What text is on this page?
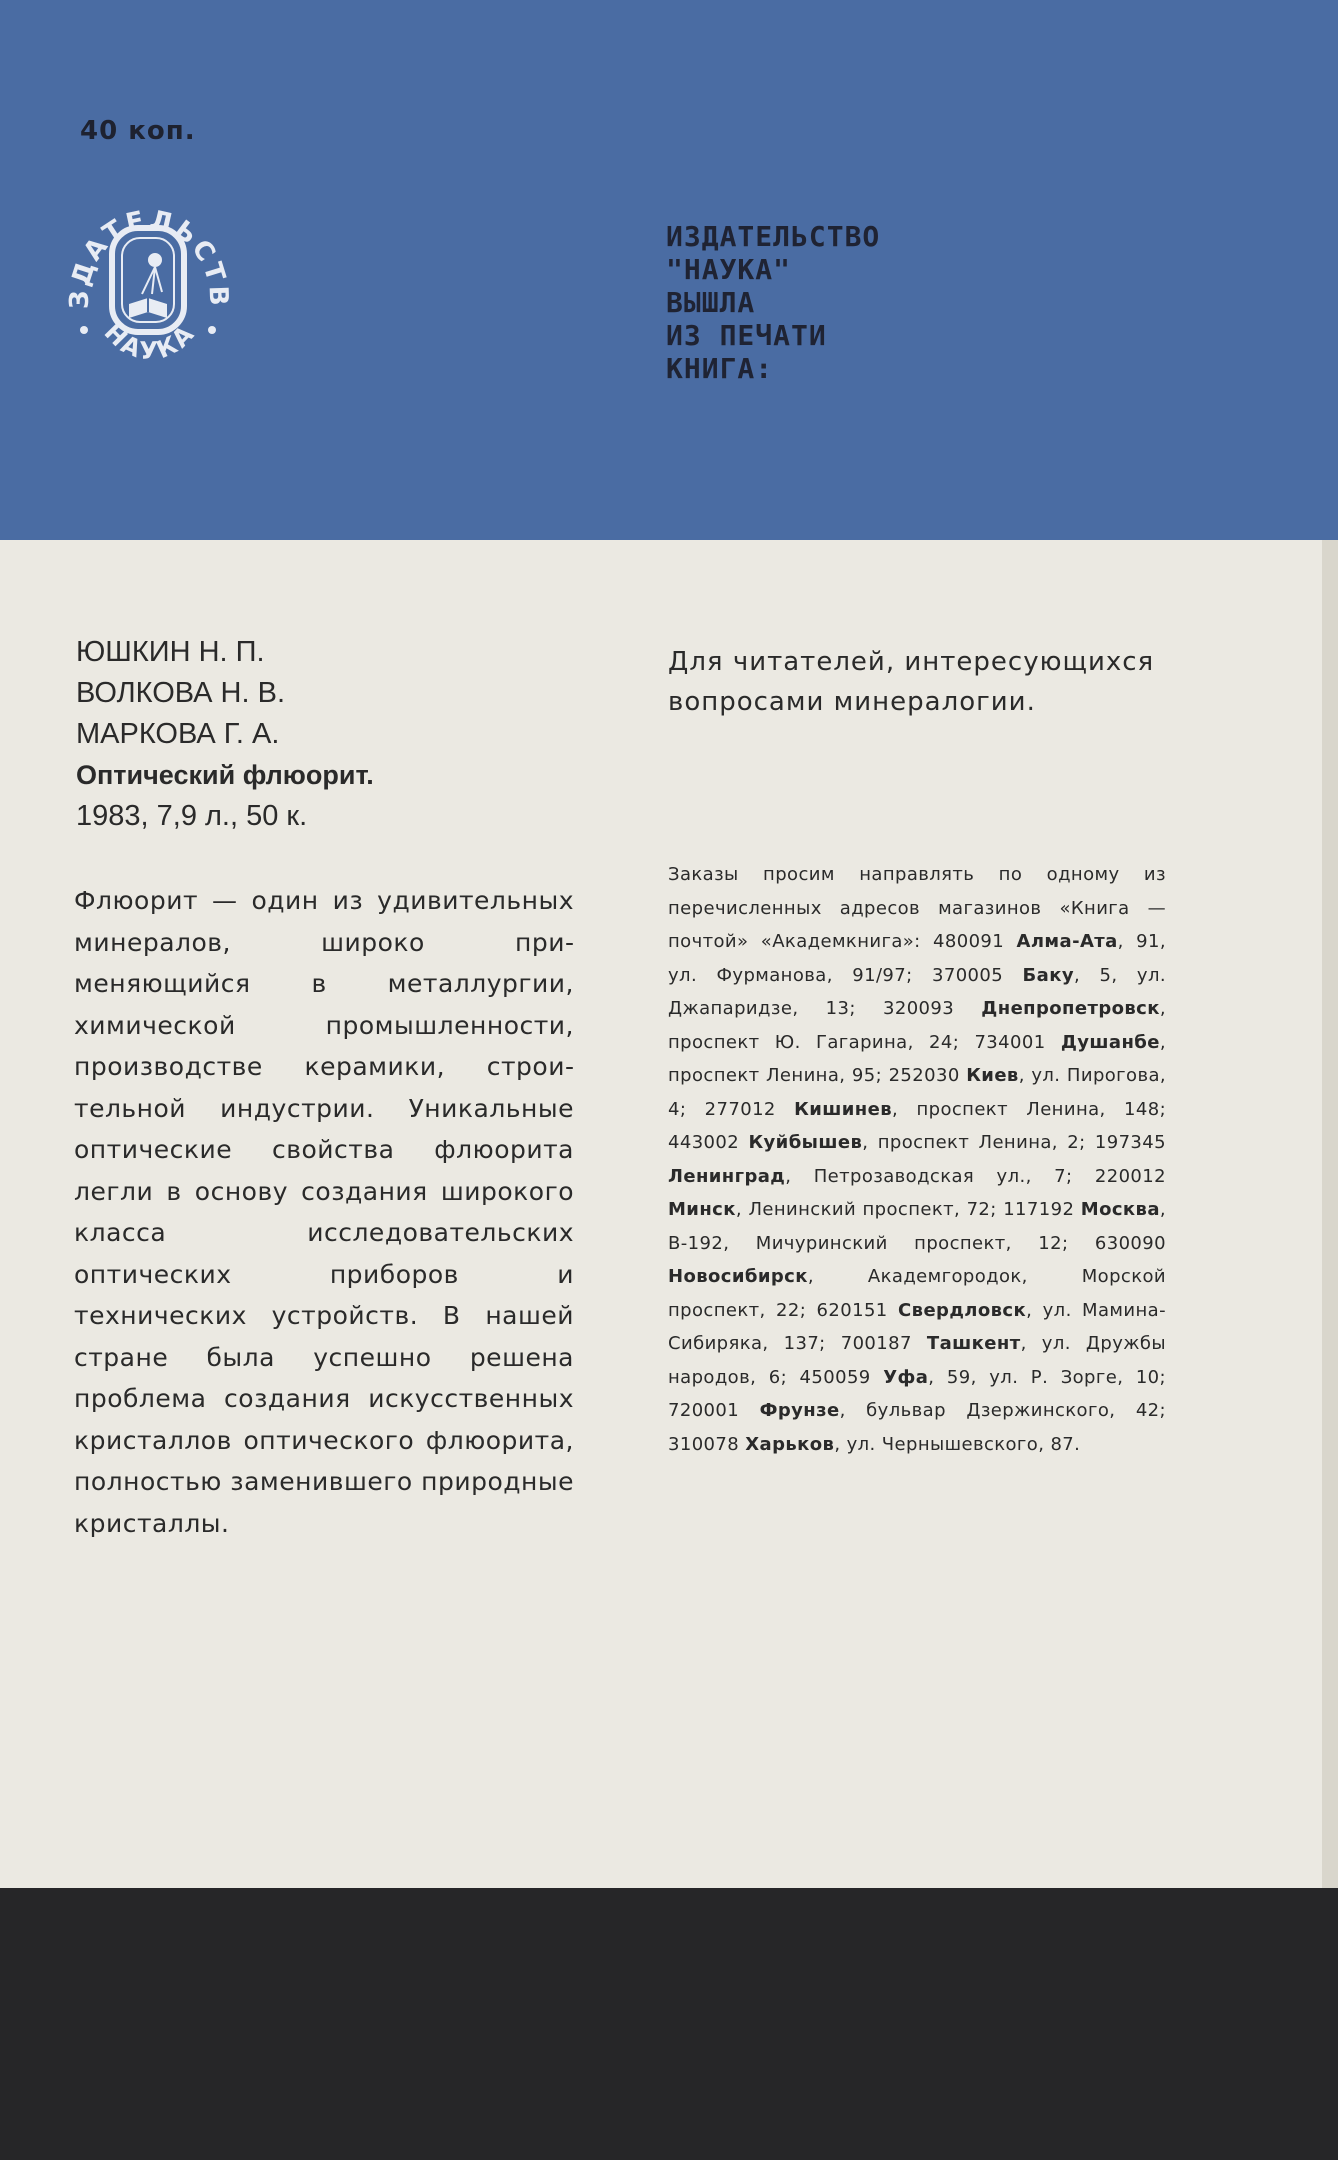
40 коп.
ЗДАТЕЛЬСТВ
НАУКА
ИЗДАТЕЛЬСТВО
"НАУКА"
ВЫШЛА
ИЗ ПЕЧАТИ
КНИГА:
ЮШКИН Н. П.
ВОЛКОВА Н. В.
МАРКОВА Г. А.
Оптический флюорит.
1983, 7,9 л., 50 к.
Для читателей, интересующихся вопросами минералогии.
Флюорит — один из удивительных минералов, широко применяющийся в металлургии, химической промышленности, производстве керамики, строительной индустрии. Уникальные оптические свойства флюорита легли в основу создания широкого класса исследовательских оптических приборов и технических устройств. В нашей стране была успешно решена проблема создания искусственных кристаллов оптического флюорита, полностью заменившего природные кристаллы.
Заказы просим направлять по одному из перечисленных адресов магазинов «Книга — почтой» «Академкнига»: 480091 Алма-Ата, 91, ул. Фурманова, 91/97; 370005 Баку, 5, ул. Джапаридзе, 13; 320093 Днепропетровск, проспект Ю. Гагарина, 24; 734001 Душанбе, проспект Ленина, 95; 252030 Киев, ул. Пирогова, 4; 277012 Кишинев, проспект Ленина, 148; 443002 Куйбышев, проспект Ленина, 2; 197345 Ленинград, Петрозаводская ул., 7; 220012 Минск, Ленинский проспект, 72; 117192 Москва, В-192, Мичуринский проспект, 12; 630090 Новосибирск, Академгородок, Морской проспект, 22; 620151 Свердловск, ул. Мамина-Сибиряка, 137; 700187 Ташкент, ул. Дружбы народов, 6; 450059 Уфа, 59, ул. Р. Зорге, 10; 720001 Фрунзе, бульвар Дзержинского, 42; 310078 Харьков, ул. Чернышевского, 87.
